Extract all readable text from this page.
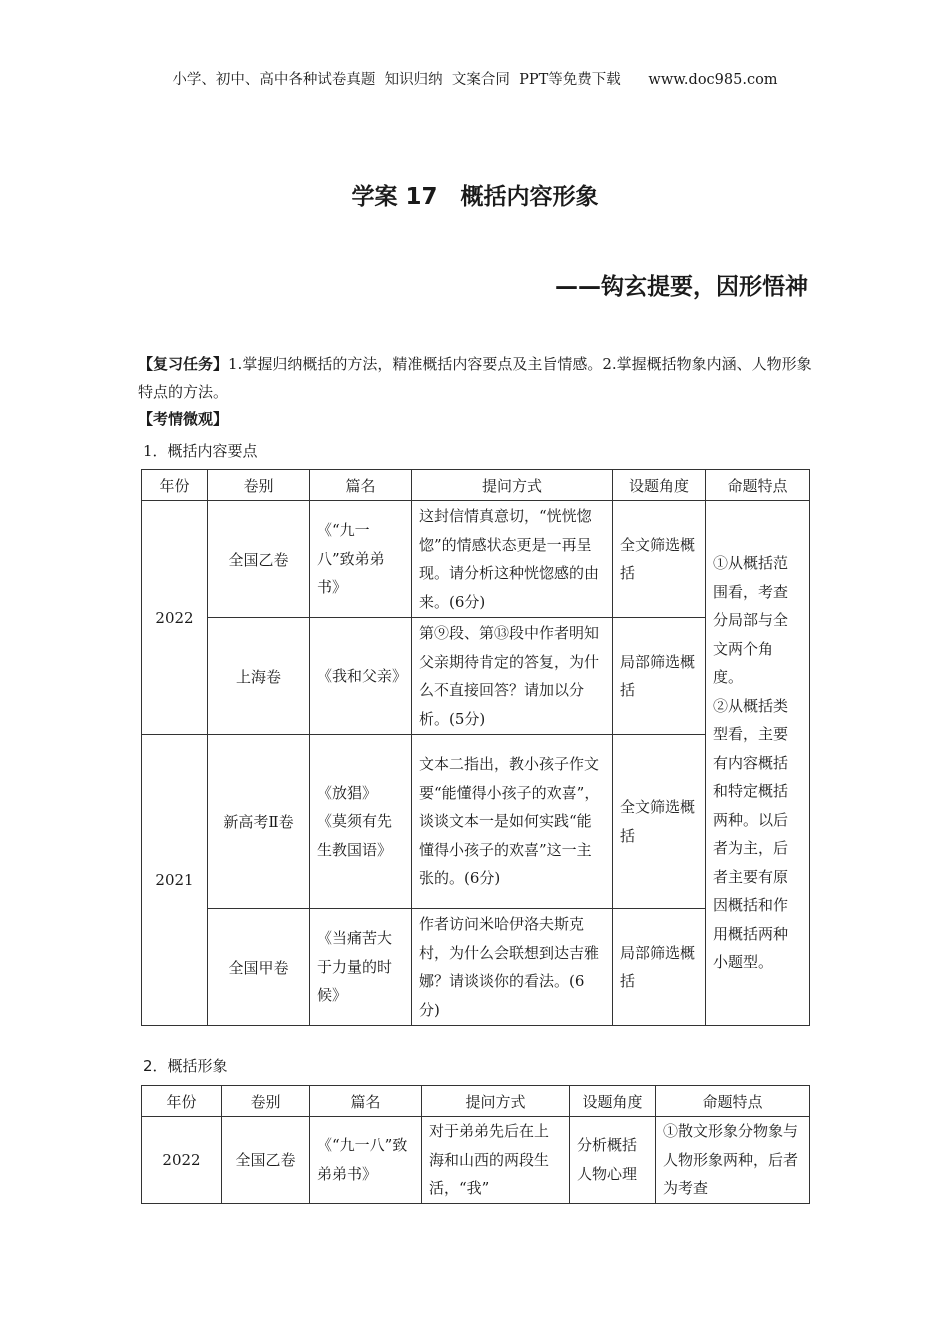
小学、初中、高中各种试卷真题  知识归纳  文案合同  PPT等免费下载      www.doc985.com
学案 17　概括内容形象
——钩玄提要，因形悟神
【复习任务】1.掌握归纳概括的方法，精准概括内容要点及主旨情感。2.掌握概括物象内涵、人物形象特点的方法。
【考情微观】
1．概括内容要点
年份	卷别	篇名	提问方式	设题角度	命题特点
2022	全国乙卷	《“九一八”致弟弟书》	这封信情真意切，“恍恍惚惚”的情感状态更是一再呈现。请分析这种恍惚感的由来。(6分)	全文筛选概括	①从概括范围看，考查分局部与全文两个角度。
②从概括类型看，主要有内容概括和特定概括两种。以后者为主，后者主要有原因概括和作用概括两种小题型。
	上海卷	《我和父亲》	第⑨段、第⑬段中作者明知父亲期待肯定的答复，为什么不直接回答？请加以分析。(5分)	局部筛选概括	
2021	新高考Ⅱ卷	《放猖》
《莫须有先生教国语》	文本二指出，教小孩子作文要“能懂得小孩子的欢喜”，谈谈文本一是如何实践“能懂得小孩子的欢喜”这一主张的。(6分)	全文筛选概括	
	全国甲卷	《当痛苦大于力量的时候》	作者访问米哈伊洛夫斯克村，为什么会联想到达吉雅娜？请谈谈你的看法。(6分)	局部筛选概括	
2．概括形象
年份	卷别	篇名	提问方式	设题角度	命题特点
2022	全国乙卷	《“九一八”致弟弟书》	对于弟弟先后在上海和山西的两段生活，“我”	分析概括人物心理	①散文形象分物象与人物形象两种，后者为考查
